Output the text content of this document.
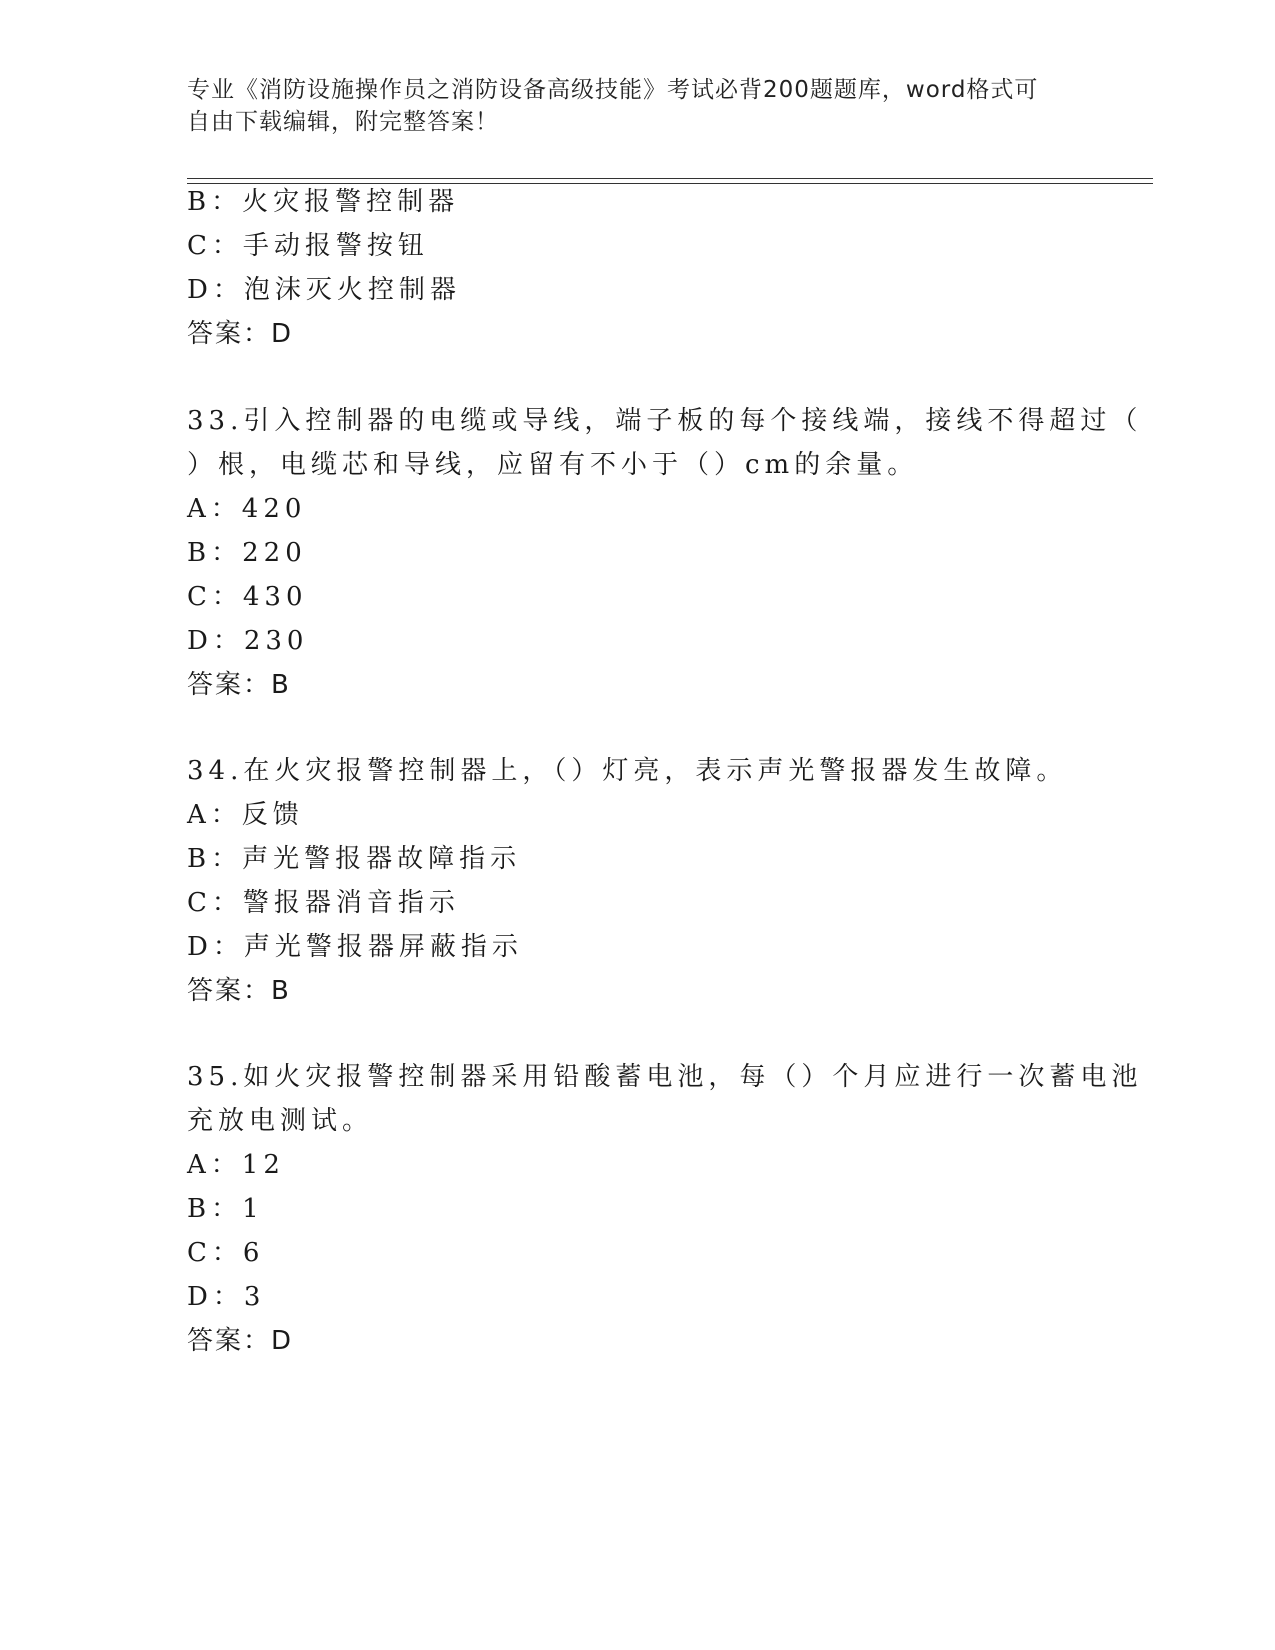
专业《消防设施操作员之消防设备高级技能》考试必背200题题库，word格式可
自由下载编辑，附完整答案！
B：火灾报警控制器
C：手动报警按钮
D：泡沫灭火控制器
答案：D
33.引入控制器的电缆或导线，端子板的每个接线端，接线不得超过（
）根，电缆芯和导线，应留有不小于（）cm的余量。
A：420
B：220
C：430
D：230
答案：B
34.在火灾报警控制器上，（）灯亮，表示声光警报器发生故障。
A：反馈
B：声光警报器故障指示
C：警报器消音指示
D：声光警报器屏蔽指示
答案：B
35.如火灾报警控制器采用铅酸蓄电池，每（）个月应进行一次蓄电池
充放电测试。
A：12
B：1
C：6
D：3
答案：D
